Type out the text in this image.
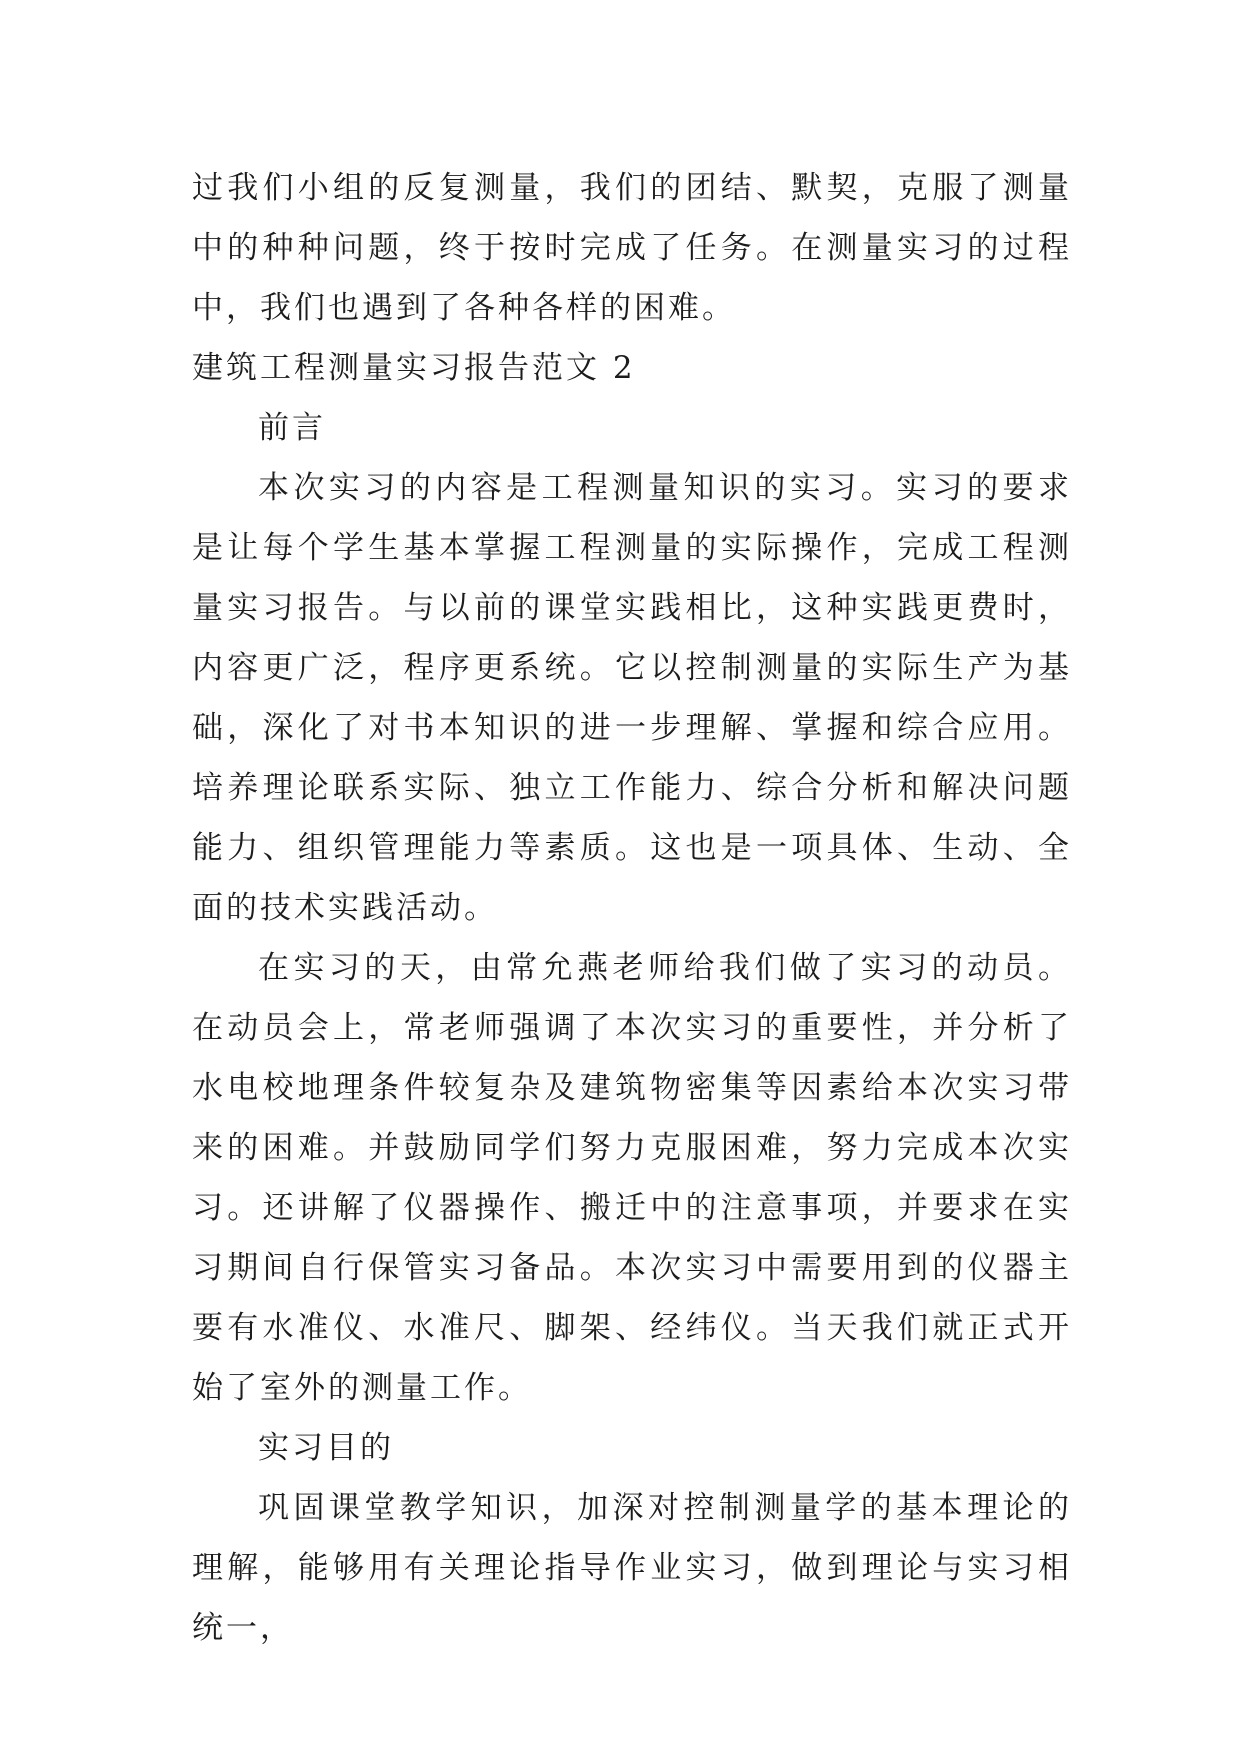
过我们小组的反复测量，我们的团结、默契，克服了测量中的种种问题，终于按时完成了任务。在测量实习的过程中，我们也遇到了各种各样的困难。

建筑工程测量实习报告范文 2

前言

本次实习的内容是工程测量知识的实习。实习的要求是让每个学生基本掌握工程测量的实际操作，完成工程测量实习报告。与以前的课堂实践相比，这种实践更费时，内容更广泛，程序更系统。它以控制测量的实际生产为基础，深化了对书本知识的进一步理解、掌握和综合应用。培养理论联系实际、独立工作能力、综合分析和解决问题能力、组织管理能力等素质。这也是一项具体、生动、全面的技术实践活动。

在实习的天，由常允燕老师给我们做了实习的动员。在动员会上，常老师强调了本次实习的重要性，并分析了水电校地理条件较复杂及建筑物密集等因素给本次实习带来的困难。并鼓励同学们努力克服困难，努力完成本次实习。还讲解了仪器操作、搬迁中的注意事项，并要求在实习期间自行保管实习备品。本次实习中需要用到的仪器主要有水准仪、水准尺、脚架、经纬仪。当天我们就正式开始了室外的测量工作。

实习目的

巩固课堂教学知识，加深对控制测量学的基本理论的理解，能够用有关理论指导作业实习，做到理论与实习相统一，
